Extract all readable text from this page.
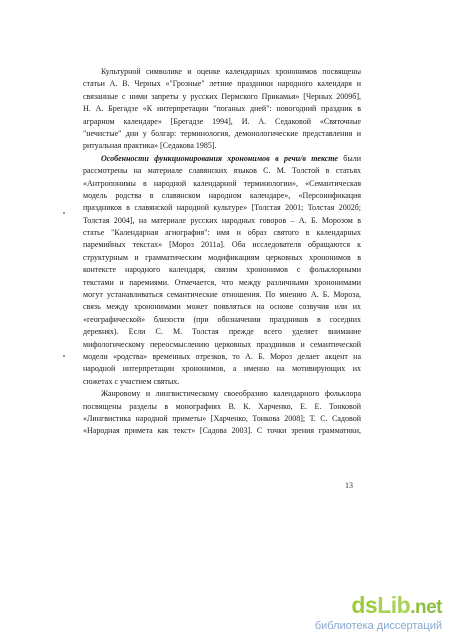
Культурной символике и оценке календарных хрононимов посвящены
статьи А. В. Черных «"Грозные" летние праздники народного календаря и
связанные с ними запреты у русских Пермского Прикамья» [Черных 2009б],
Н. А. Брегадзе «К интерпретации "поганых дней": новогодний праздник в
аграрном календаре» [Брегадзе 1994], И. А. Седаковой «Святочные
"нечистые" дни у болгар: терминология, демонологические представления и
ритуальная практика» [Седакова 1985].
Особенности функционирования хрононимов в речи/в тексте были
рассмотрены на материале славянских языков С. М. Толстой в статьях
«Антропонимы в народной календарной терминологии», «Семантическая
модель родства в славянском народном календаре», «Персонификация
праздников в славянской народной культуре» [Толстая 2001; Толстая 2002б;
Толстая 2004], на материале русских народных говоров – А. Б. Морозом в
статье "Календарная агиография": имя и образ святого в календарных
паремийных текстах» [Мороз 2011а]. Оба исследователя обращаются к
структурным и грамматическим модификациям церковных хрононимов в
контексте народного календаря, связям хрононимов с фольклорными
текстами и паремиями. Отмечается, что между различными хрононимами
могут устанавливаться семантические отношения. По мнению А. Б. Мороза,
связь между хрононимами может появляться на основе созвучия или их
«географической» близости (при обозначении праздников в соседних
деревнях). Если С. М. Толстая прежде всего уделяет внимание
мифологическому переосмыслению церковных праздников и семантической
модели «родства» временных отрезков, то А. Б. Мороз делает акцент на
народной интерпретации хрононимов, а именно на мотивирующих их
сюжетах с участием святых.
Жанровому и лингвистическому своеобразию календарного фольклора
посвящены разделы в монографиях В. К. Харченко, Е. Е. Тонковой
«Лингвистика народной приметы» [Харченко, Тонкова 2008]; Т. С. Садовой
«Народная примета как текст» [Садова 2003]. С точки зрения грамматики,
13
dsLib.net
библиотека диссертаций
